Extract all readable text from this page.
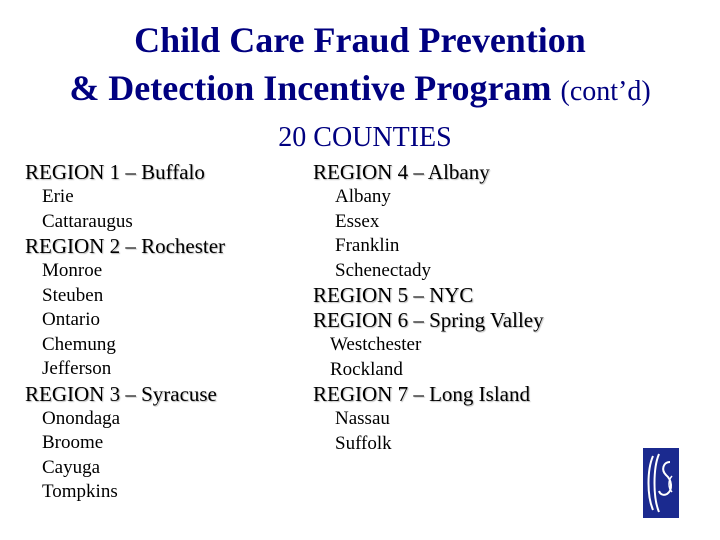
Child Care Fraud Prevention
& Detection Incentive Program (cont’d)
20 COUNTIES
REGION 1 – Buffalo
Erie
Cattaraugus
REGION 2 – Rochester
Monroe
Steuben
Ontario
Chemung
Jefferson
REGION 3 – Syracuse
Onondaga
Broome
Cayuga
Tompkins
REGION 4 – Albany
Albany
Essex
Franklin
Schenectady
REGION 5 – NYC
REGION 6 – Spring Valley
Westchester
Rockland
REGION 7 – Long Island
Nassau
Suffolk
